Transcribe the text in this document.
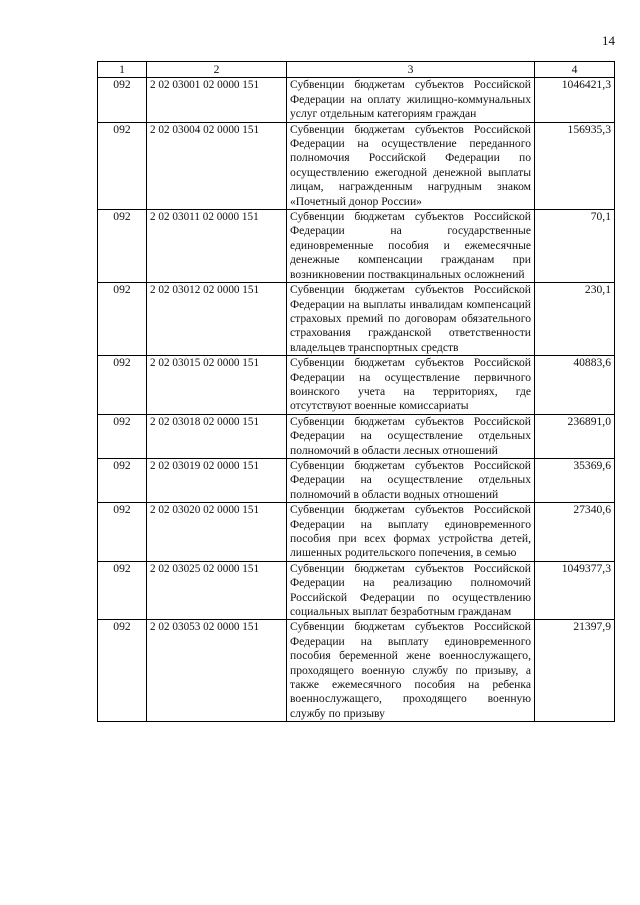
14
1	2	3	4
092	2 02 03001 02 0000 151	Субвенции бюджетам субъектов Российской Федерации на оплату жилищно-коммунальных услуг отдельным категориям граждан	1046421,3
092	2 02 03004 02 0000 151	Субвенции бюджетам субъектов Российской Федерации на осуществление переданного полномочия Российской Федерации по осуществлению ежегодной денежной выплаты лицам, награжденным нагрудным знаком «Почетный донор России»	156935,3
092	2 02 03011 02 0000 151	Субвенции бюджетам субъектов Российской Федерации на государственные единовременные пособия и ежемесячные денежные компенсации гражданам при возникновении поствакцинальных осложнений	70,1
092	2 02 03012 02 0000 151	Субвенции бюджетам субъектов Российской Федерации на выплаты инвалидам компенсаций страховых премий по договорам обязательного страхования гражданской ответственности владельцев транспортных средств	230,1
092	2 02 03015 02 0000 151	Субвенции бюджетам субъектов Российской Федерации на осуществление первичного воинского учета на территориях, где отсутствуют военные комиссариаты	40883,6
092	2 02 03018 02 0000 151	Субвенции бюджетам субъектов Российской Федерации на осуществление отдельных полномочий в области лесных отношений	236891,0
092	2 02 03019 02 0000 151	Субвенции бюджетам субъектов Российской Федерации на осуществление отдельных полномочий в области водных отношений	35369,6
092	2 02 03020 02 0000 151	Субвенции бюджетам субъектов Российской Федерации на выплату единовременного пособия при всех формах устройства детей, лишенных родительского попечения, в семью	27340,6
092	2 02 03025 02 0000 151	Субвенции бюджетам субъектов Российской Федерации на реализацию полномочий Российской Федерации по осуществлению социальных выплат безработным гражданам	1049377,3
092	2 02 03053 02 0000 151	Субвенции бюджетам субъектов Российской Федерации на выплату единовременного пособия беременной жене военнослужащего, проходящего военную службу по призыву, а также ежемесячного пособия на ребенка военнослужащего, проходящего военную службу по призыву	21397,9
